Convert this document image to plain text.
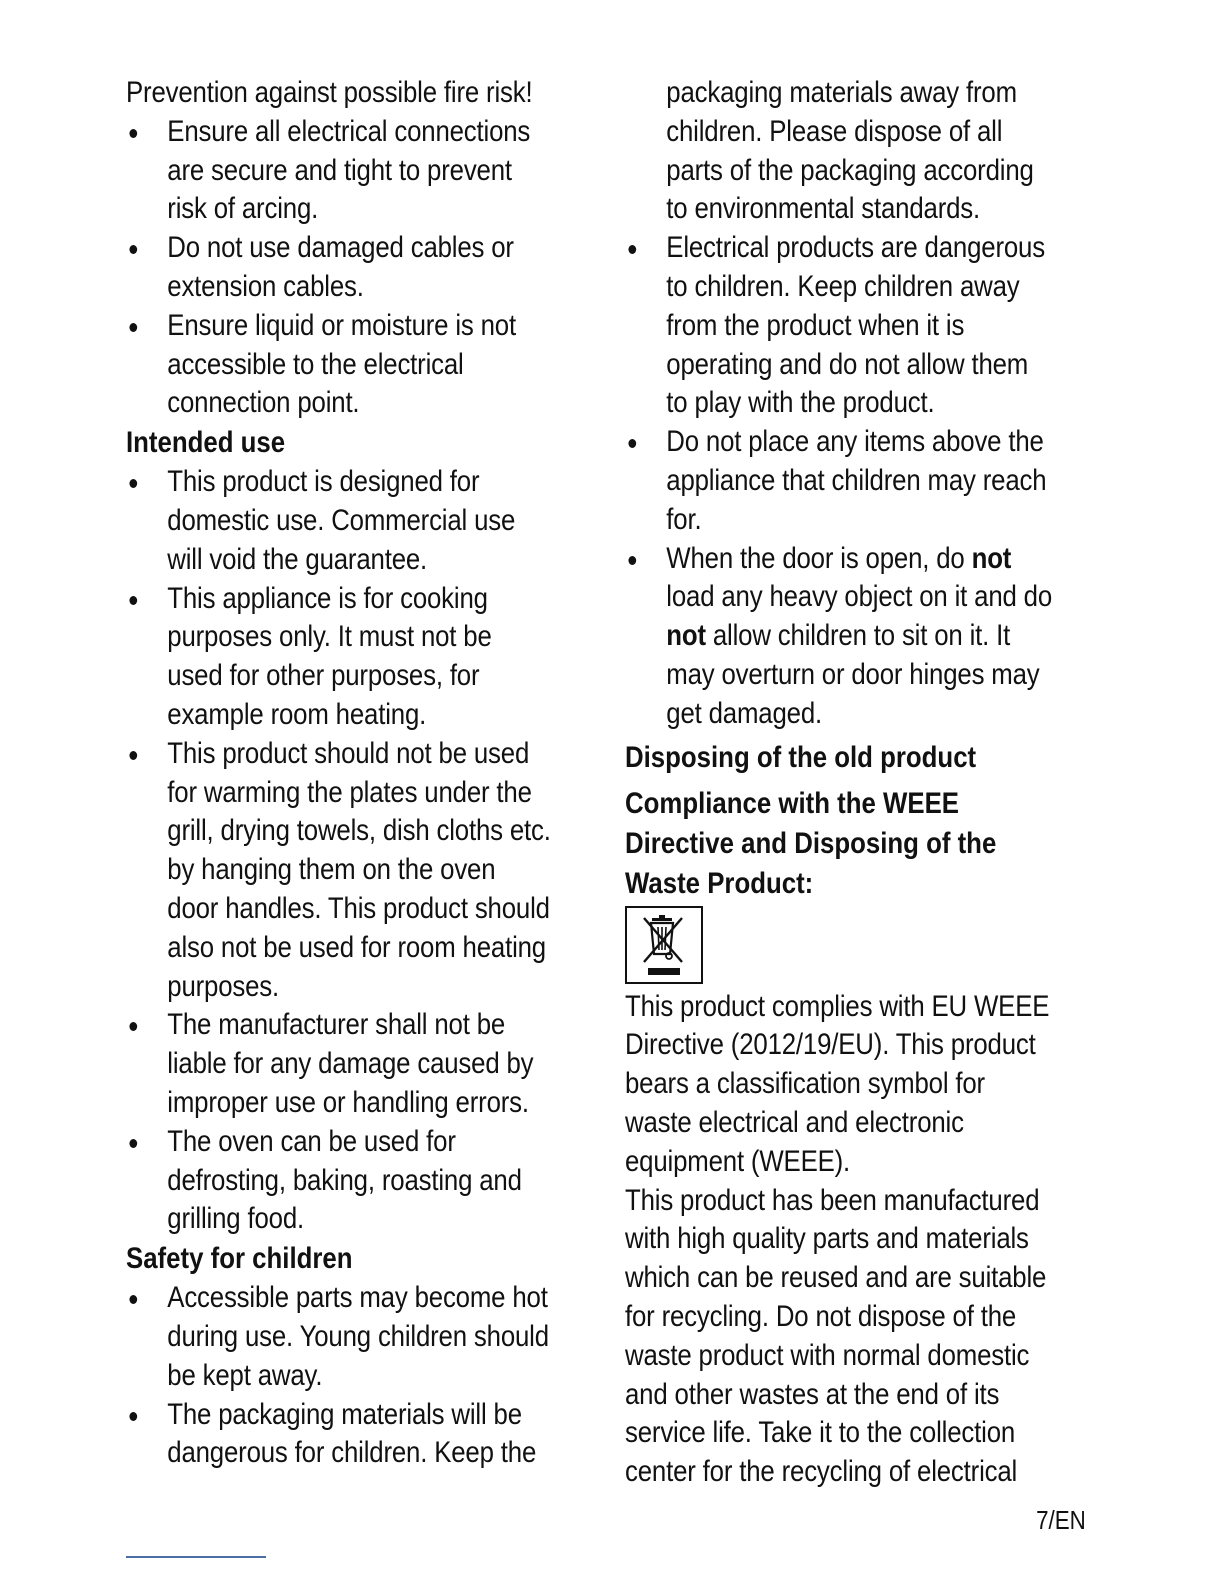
Prevention against possible fire risk!
Ensure all electrical connections
are secure and tight to prevent
risk of arcing.
Do not use damaged cables or
extension cables.
Ensure liquid or moisture is not
accessible to the electrical
connection point.
Intended use
This product is designed for
domestic use. Commercial use
will void the guarantee.
This appliance is for cooking
purposes only. It must not be
used for other purposes, for
example room heating.
This product should not be used
for warming the plates under the
grill, drying towels, dish cloths etc.
by hanging them on the oven
door handles. This product should
also not be used for room heating
purposes.
The manufacturer shall not be
liable for any damage caused by
improper use or handling errors.
The oven can be used for
defrosting, baking, roasting and
grilling food.
Safety for children
Accessible parts may become hot
during use. Young children should
be kept away.
The packaging materials will be
dangerous for children. Keep the
packaging materials away from
children. Please dispose of all
parts of the packaging according
to environmental standards.
Electrical products are dangerous
to children. Keep children away
from the product when it is
operating and do not allow them
to play with the product.
Do not place any items above the
appliance that children may reach
for.
When the door is open, do not
load any heavy object on it and do
not allow children to sit on it. It
may overturn or door hinges may
get damaged.
Disposing of the old product
Compliance with the WEEE
Directive and Disposing of the
Waste Product:
This product complies with EU WEEE
Directive (2012/19/EU). This product
bears a classification symbol for
waste electrical and electronic
equipment (WEEE).
This product has been manufactured
with high quality parts and materials
which can be reused and are suitable
for recycling. Do not dispose of the
waste product with normal domestic
and other wastes at the end of its
service life. Take it to the collection
center for the recycling of electrical
7/EN
